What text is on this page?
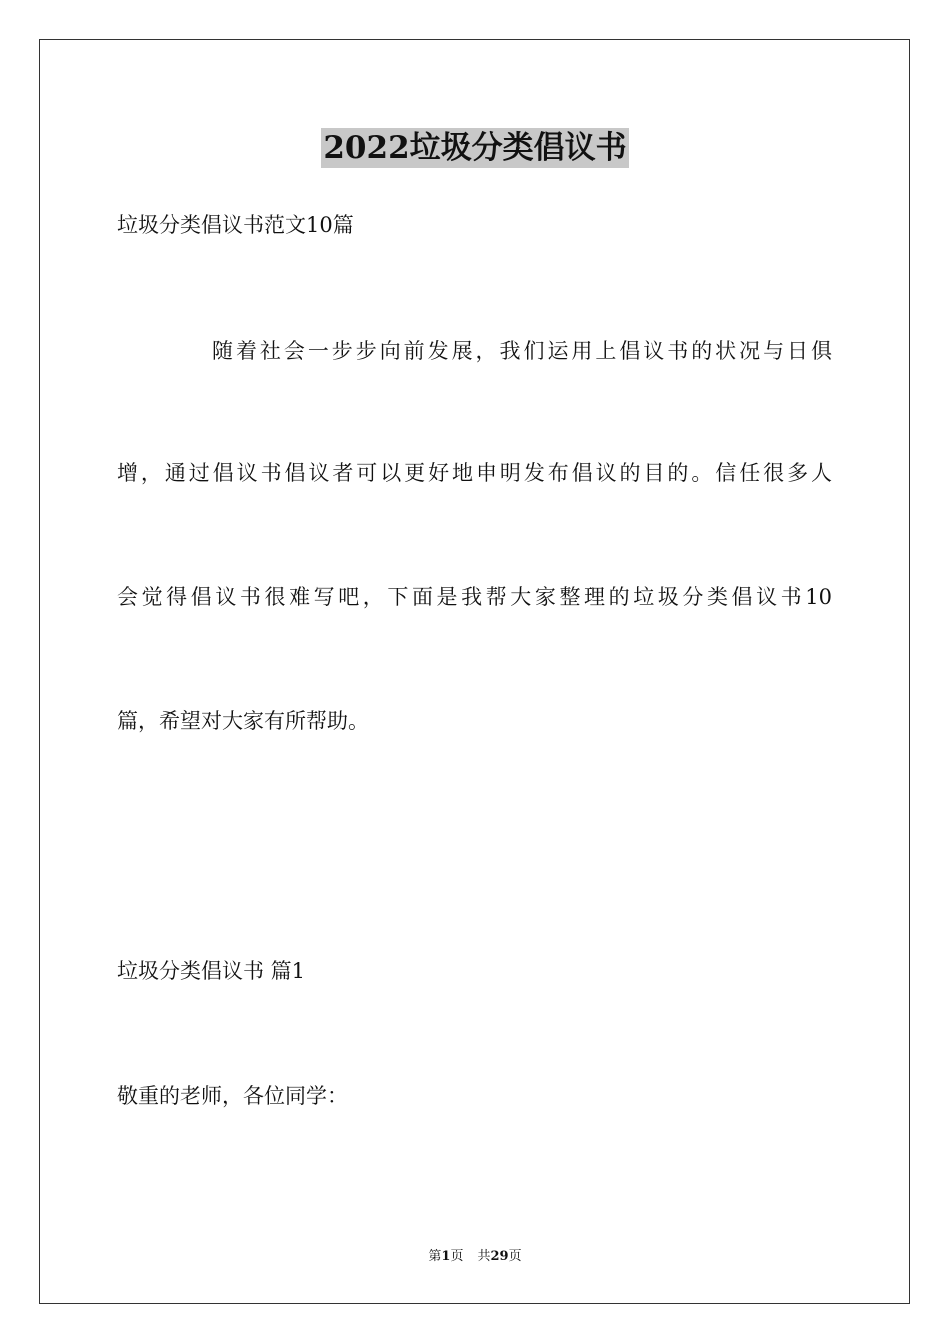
2022垃圾分类倡议书
垃圾分类倡议书范文10篇
随着社会一步步向前发展，我们运用上倡议书的状况与日俱
增，通过倡议书倡议者可以更好地申明发布倡议的目的。信任很多人
会觉得倡议书很难写吧，下面是我帮大家整理的垃圾分类倡议书10
篇，希望对大家有所帮助。
垃圾分类倡议书 篇1
敬重的老师，各位同学：
第1页 共29页
